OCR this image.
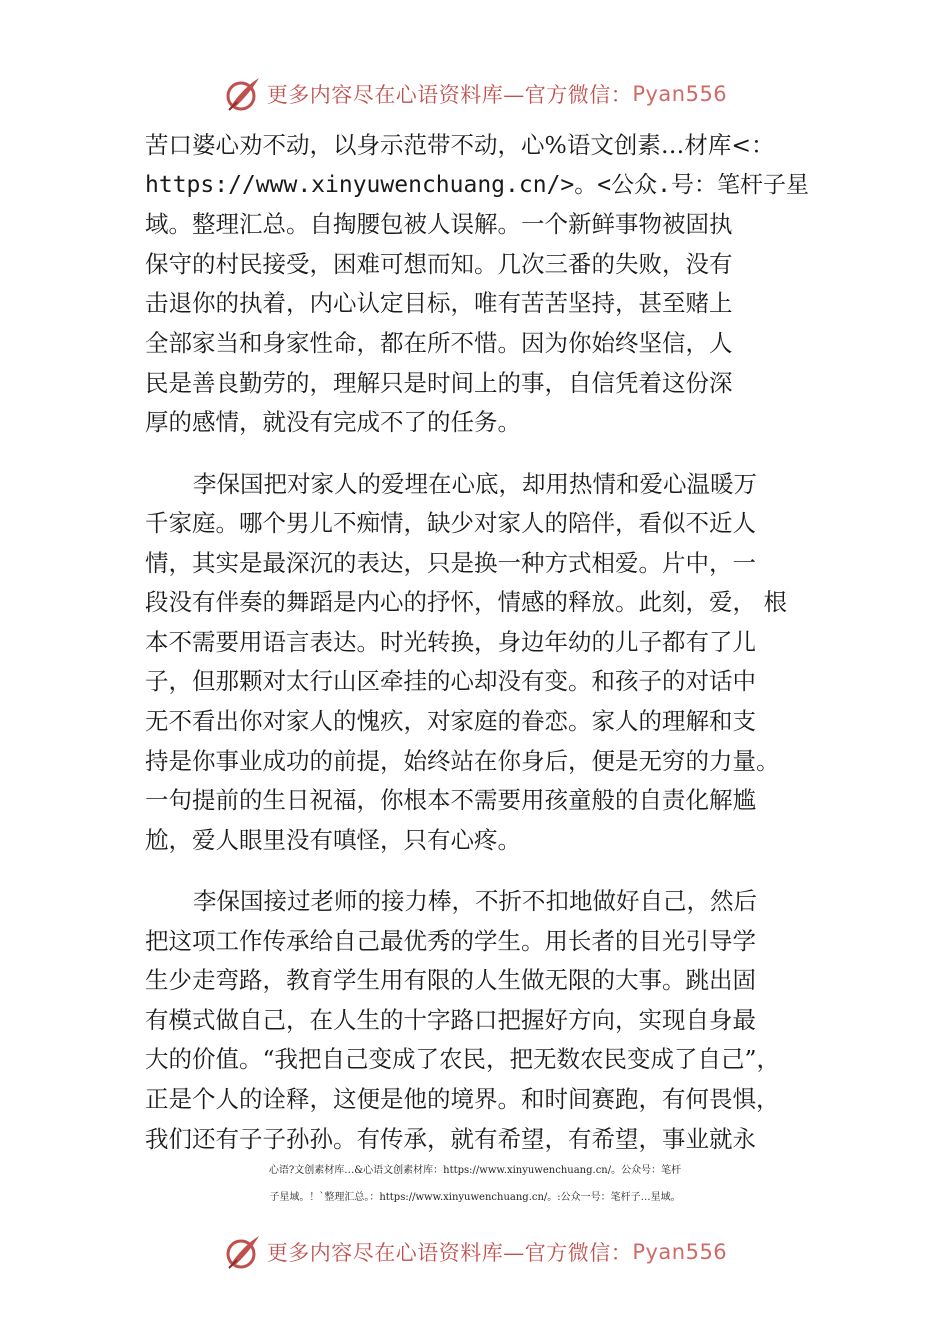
更多内容尽在心语资料库—官方微信： Pyan556
苦口婆心劝不动，以身示范带不动，心%语文创素…材库<：
https://www.xinyuwenchuang.cn/>。<公众.号：笔杆子星
域。整理汇总。自掏腰包被人误解。一个新鲜事物被固执
保守的村民接受，困难可想而知。几次三番的失败，没有
击退你的执着，内心认定目标，唯有苦苦坚持，甚至赌上
全部家当和身家性命，都在所不惜。因为你始终坚信，人
民是善良勤劳的，理解只是时间上的事，自信凭着这份深
厚的感情，就没有完成不了的任务。
李保国把对家人的爱埋在心底，却用热情和爱心温暖万
千家庭。哪个男儿不痴情，缺少对家人的陪伴，看似不近人
情，其实是最深沉的表达，只是换一种方式相爱。片中，一
段没有伴奏的舞蹈是内心的抒怀，情感的释放。此刻，爱， 根
本不需要用语言表达。时光转换，身边年幼的儿子都有了儿
子，但那颗对太行山区牵挂的心却没有变。和孩子的对话中
无不看出你对家人的愧疚，对家庭的眷恋。家人的理解和支
持是你事业成功的前提，始终站在你身后，便是无穷的力量。
一句提前的生日祝福，你根本不需要用孩童般的自责化解尴
尬，爱人眼里没有嗔怪，只有心疼。
李保国接过老师的接力棒，不折不扣地做好自己，然后
把这项工作传承给自己最优秀的学生。用长者的目光引导学
生少走弯路，教育学生用有限的人生做无限的大事。跳出固
有模式做自己，在人生的十字路口把握好方向，实现自身最
大的价值。“我把自己变成了农民，把无数农民变成了自己”，
正是个人的诠释，这便是他的境界。和时间赛跑，有何畏惧，
我们还有子子孙孙。有传承，就有希望，有希望，事业就永
心语?文创素材库…&心语文创素材库：https://www.xinyuwenchuang.cn/。公众号：笔杆
子星域。！`整理汇总。：https://www.xinyuwenchuang.cn/。:公众一号：笔杆子…星域。
更多内容尽在心语资料库—官方微信： Pyan556
